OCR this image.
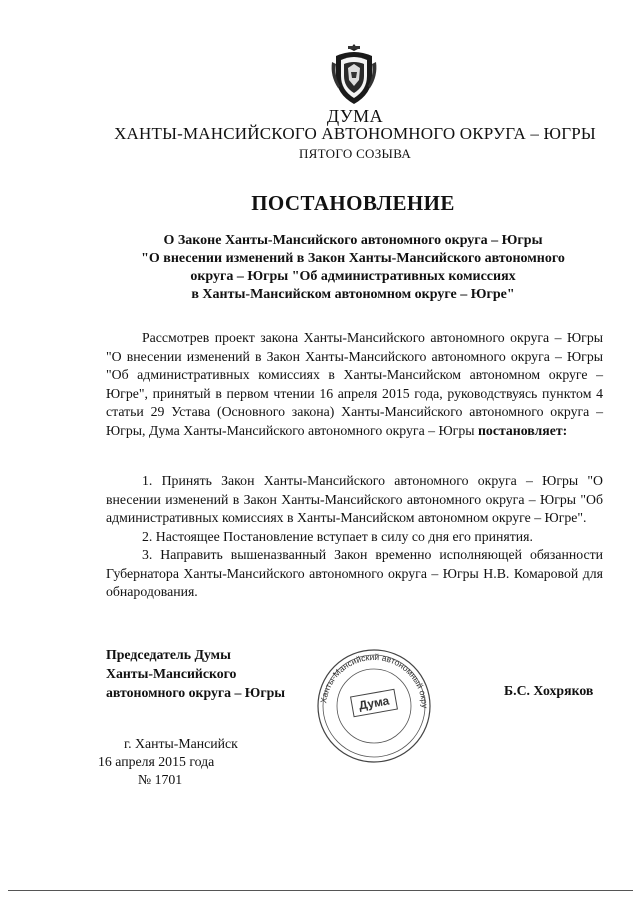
ДУМА
ХАНТЫ-МАНСИЙСКОГО АВТОНОМНОГО ОКРУГА – ЮГРЫ
ПЯТОГО СОЗЫВА
ПОСТАНОВЛЕНИЕ
О Законе Ханты-Мансийского автономного округа – Югры
"О внесении изменений в Закон Ханты-Мансийского автономного
округа – Югры "Об административных комиссиях
в Ханты-Мансийском автономном округе – Югре"
Рассмотрев проект закона Ханты-Мансийского автономного округа – Югры "О внесении изменений в Закон Ханты-Мансийского автономного округа – Югры "Об административных комиссиях в Ханты-Мансийском автономном округе – Югре", принятый в первом чтении 16 апреля 2015 года, руководствуясь пунктом 4 статьи 29 Устава (Основного закона) Ханты-Мансийского автономного округа – Югры, Дума Ханты-Мансийского автономного округа – Югры постановляет:

1. Принять Закон Ханты-Мансийского автономного округа – Югры "О внесении изменений в Закон Ханты-Мансийского автономного округа – Югры "Об административных комиссиях в Ханты-Мансийском автономном округе – Югре".

2. Настоящее Постановление вступает в силу со дня его принятия.

3. Направить вышеназванный Закон временно исполняющей обязанности Губернатора Ханты-Мансийского автономного округа – Югры Н.В. Комаровой для обнародования.

Председатель Думы
Ханты-Мансийского
автономного округа – Югры
Ханты-Мансийский автономный окру
Дума
Б.С. Хохряков
г. Ханты-Мансийск
16 апреля 2015 года
№ 1701
